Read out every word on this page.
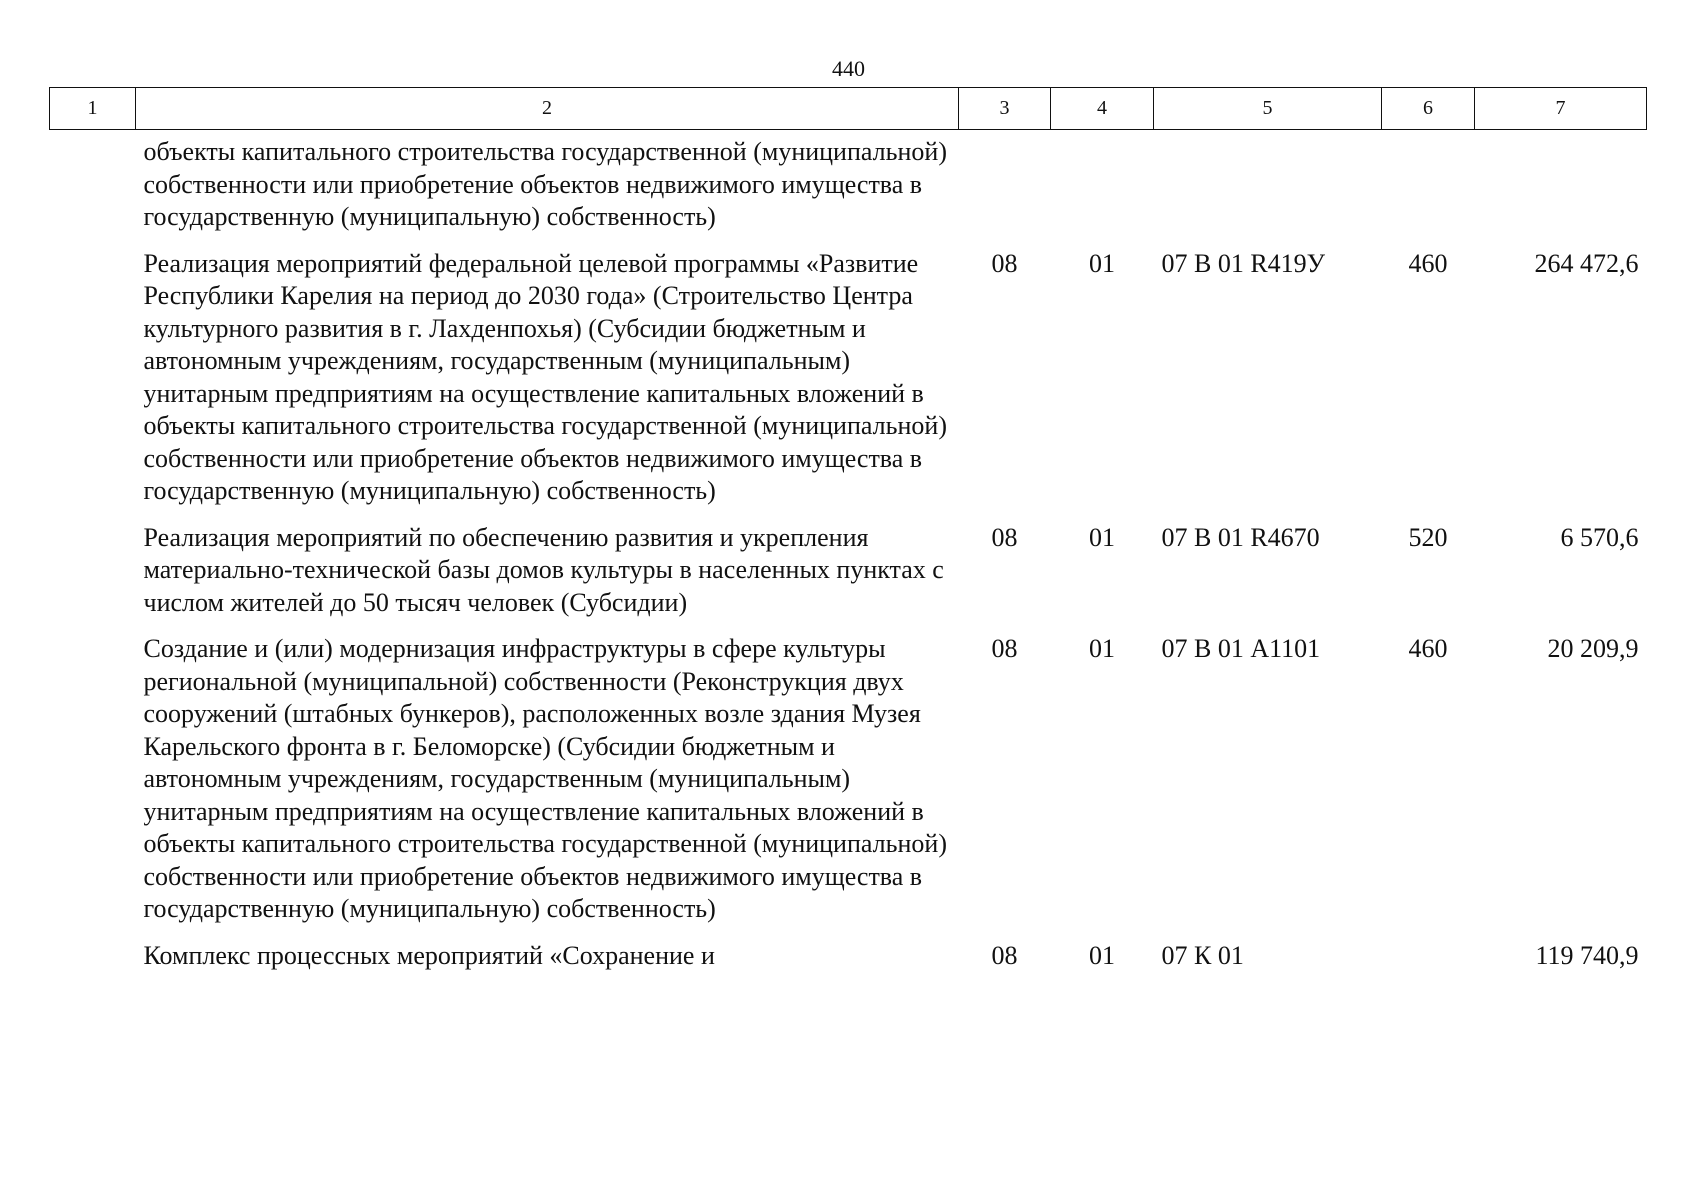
440
1	2	3	4	5	6	7
	объекты капитального строительства государственной (муниципальной) собственности или приобретение объектов недвижимого имущества в государственную (муниципальную) собственность)					
	Реализация мероприятий федеральной целевой программы «Развитие Республики Карелия на период до 2030 года» (Строительство Центра культурного развития в г. Лахденпохья) (Субсидии бюджетным и автономным учреждениям, государственным (муниципальным) унитарным предприятиям на осуществление капитальных вложений в объекты капитального строительства государственной (муниципальной) собственности или приобретение объектов недвижимого имущества в государственную (муниципальную) собственность)	08	01	07 В 01 R419У	460	264 472,6
	Реализация мероприятий по обеспечению развития и укрепления материально-технической базы домов культуры в населенных пунктах с числом жителей до 50 тысяч человек (Субсидии)	08	01	07 В 01 R4670	520	6 570,6
	Создание и (или) модернизация инфраструктуры в сфере культуры региональной (муниципальной) собственности (Реконструкция двух сооружений (штабных бункеров), расположенных возле здания Музея Карельского фронта в г. Беломорске) (Субсидии бюджетным и автономным учреждениям, государственным (муниципальным) унитарным предприятиям на осуществление капитальных вложений в объекты капитального строительства государственной (муниципальной) собственности или приобретение объектов недвижимого имущества в государственную (муниципальную) собственность)	08	01	07 В 01 А1101	460	20 209,9
	Комплекс процессных мероприятий «Сохранение и	08	01	07 К 01		119 740,9
